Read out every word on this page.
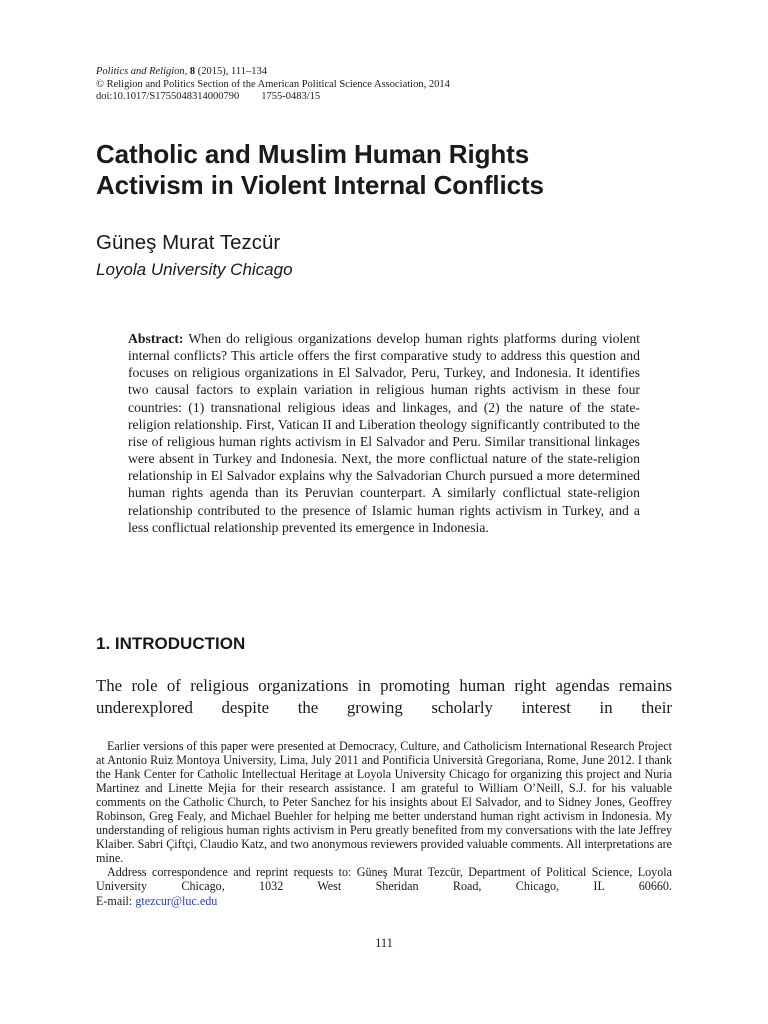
Politics and Religion, 8 (2015), 111–134
© Religion and Politics Section of the American Political Science Association, 2014
doi:10.1017/S1755048314000790 1755-0483/15
Catholic and Muslim Human Rights
Activism in Violent Internal Conflicts
Güneş Murat Tezcür
Loyola University Chicago

Abstract: When do religious organizations develop human rights platforms during violent internal conflicts? This article offers the first comparative study to address this question and focuses on religious organizations in El Salvador, Peru, Turkey, and Indonesia. It identifies two causal factors to explain variation in religious human rights activism in these four countries: (1) transnational religious ideas and linkages, and (2) the nature of the state-religion relationship. First, Vatican II and Liberation theology significantly contributed to the rise of religious human rights activism in El Salvador and Peru. Similar transitional linkages were absent in Turkey and Indonesia. Next, the more conflictual nature of the state-religion relationship in El Salvador explains why the Salvadorian Church pursued a more determined human rights agenda than its Peruvian counterpart. A similarly conflictual state-religion relationship contributed to the presence of Islamic human rights activism in Turkey, and a less conflictual relationship prevented its emergence in Indonesia.

1. INTRODUCTION

The role of religious organizations in promoting human right agendas remains underexplored despite the growing scholarly interest in their

Earlier versions of this paper were presented at Democracy, Culture, and Catholicism International Research Project at Antonio Ruiz Montoya University, Lima, July 2011 and Pontificia Università Gregoriana, Rome, June 2012. I thank the Hank Center for Catholic Intellectual Heritage at Loyola University Chicago for organizing this project and Nuria Martinez and Linette Mejia for their research assistance. I am grateful to William O’Neill, S.J. for his valuable comments on the Catholic Church, to Peter Sanchez for his insights about El Salvador, and to Sidney Jones, Geoffrey Robinson, Greg Fealy, and Michael Buehler for helping me better understand human right activism in Indonesia. My understanding of religious human rights activism in Peru greatly benefited from my conversations with the late Jeffrey Klaiber. Sabri Çiftçi, Claudio Katz, and two anonymous reviewers provided valuable comments. All interpretations are mine.

Address correspondence and reprint requests to: Güneş Murat Tezcür, Department of Political Science, Loyola University Chicago, 1032 West Sheridan Road, Chicago, IL 60660.

E-mail: gtezcur@luc.edu
111
